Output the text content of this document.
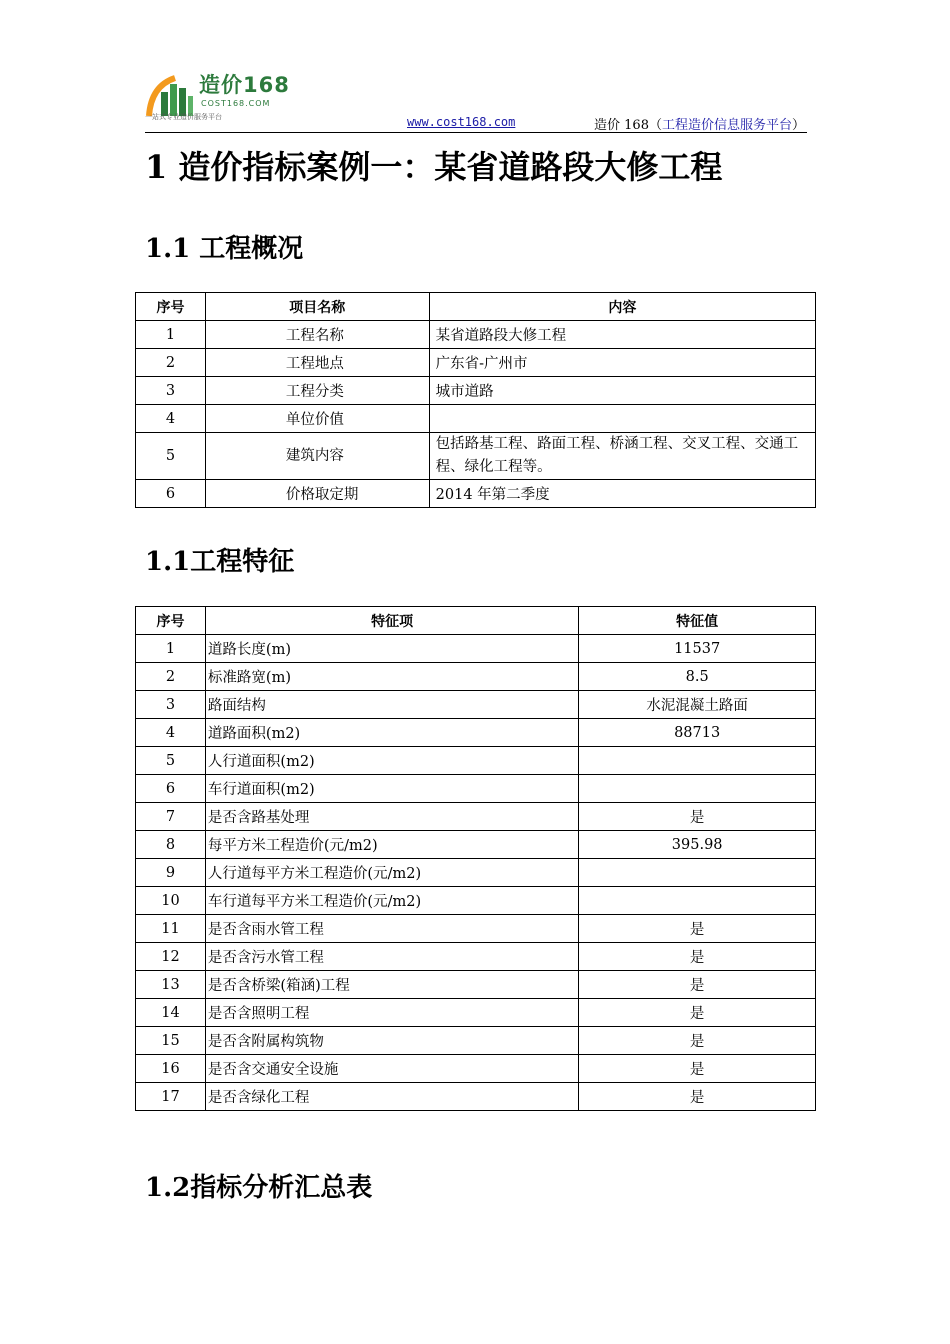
造价168
COST168.COM
一站式专业造价服务平台	www.cost168.com	造价 168（工程造价信息服务平台）
1 造价指标案例一：某省道路段大修工程
1.1 工程概况
序号	项目名称	内容
1	工程名称	某省道路段大修工程
2	工程地点	广东省-广州市
3	工程分类	城市道路
4	单位价值	
5	建筑内容	包括路基工程、路面工程、桥涵工程、交叉工程、交通工程、绿化工程等。
6	价格取定期	2014 年第二季度
1.1工程特征
序号	特征项	特征值
1	道路长度(m)	11537
2	标准路宽(m)	8.5
3	路面结构	水泥混凝土路面
4	道路面积(m2)	88713
5	人行道面积(m2)	
6	车行道面积(m2)	
7	是否含路基处理	是
8	每平方米工程造价(元/m2)	395.98
9	人行道每平方米工程造价(元/m2)	
10	车行道每平方米工程造价(元/m2)	
11	是否含雨水管工程	是
12	是否含污水管工程	是
13	是否含桥梁(箱涵)工程	是
14	是否含照明工程	是
15	是否含附属构筑物	是
16	是否含交通安全设施	是
17	是否含绿化工程	是
1.2指标分析汇总表
